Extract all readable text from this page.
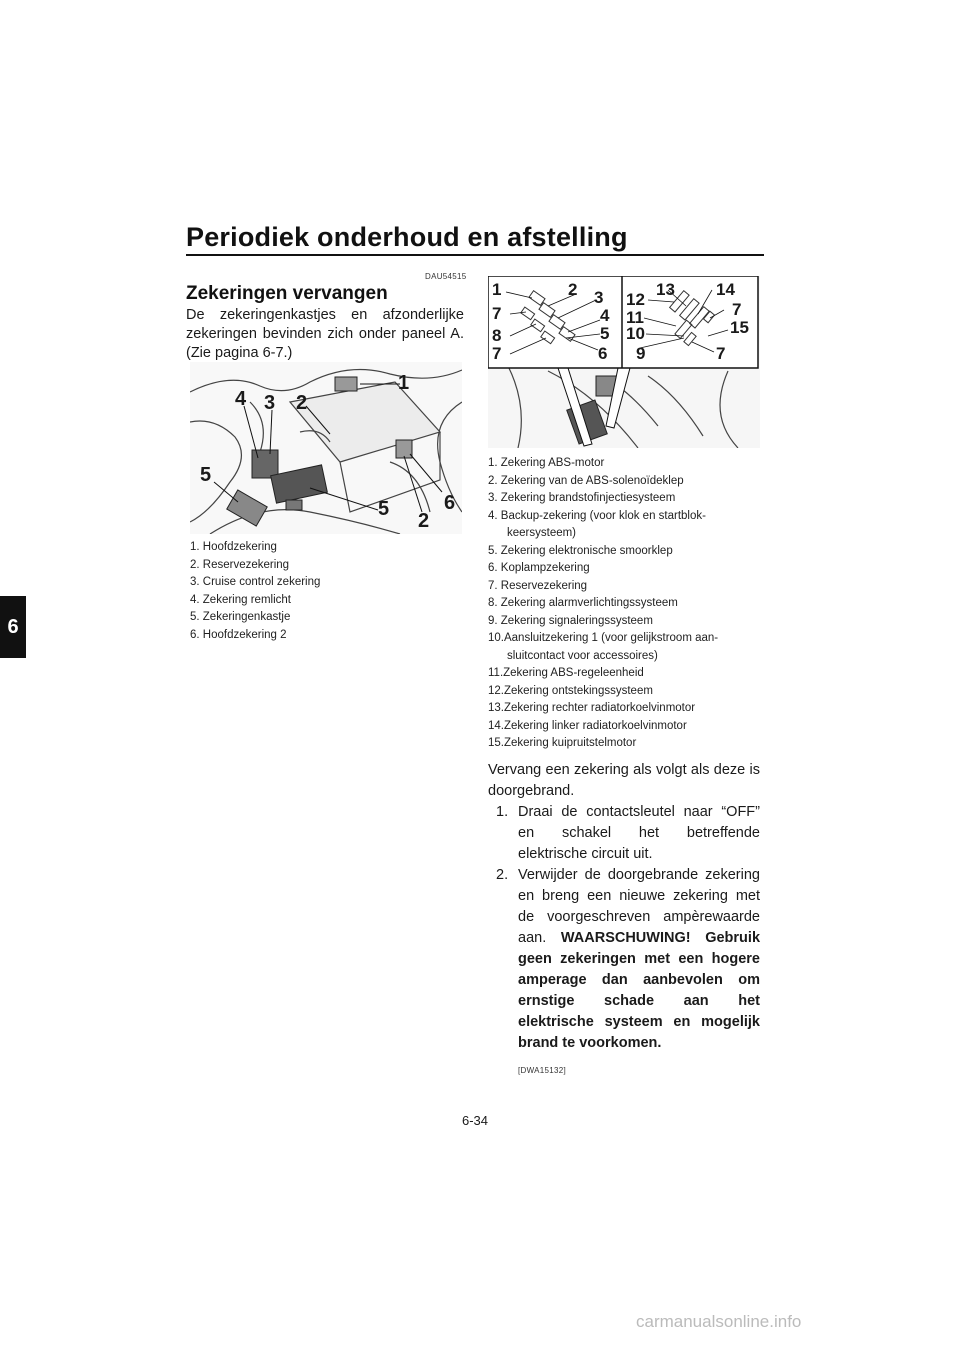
Periodiek onderhoud en afstelling
6
DAU54515
Zekeringen vervangen
De zekeringenkastjes en afzonderlijke zekeringen bevinden zich onder paneel A. (Zie pagina 6-7.)
1
2
3
4
5
5	6
2
1. Hoofdzekering
2. Reservezekering
3. Cruise control zekering
4. Zekering remlicht
5. Zekeringenkastje
6. Hoofdzekering 2
1	2 3
7	4
8	5
7	6
12
13 14
11	7
10	15
9	7
1. Zekering ABS-motor
2. Zekering van de ABS-solenoïdeklep
3. Zekering brandstofinjectiesysteem
4. Backup-zekering (voor klok en startblok-
keersysteem)
5. Zekering elektronische smoorklep
6. Koplampzekering
7. Reservezekering
8. Zekering alarmverlichtingssysteem
9. Zekering signaleringssysteem
10.Aansluitzekering 1 (voor gelijkstroom aan-
sluitcontact voor accessoires)
11.Zekering ABS-regeleenheid
12.Zekering ontstekingssysteem
13.Zekering rechter radiatorkoelvinmotor
14.Zekering linker radiatorkoelvinmotor
15.Zekering kuipruitstelmotor
Vervang een zekering als volgt als deze is doorgebrand.
1. Draai de contactsleutel naar “OFF” en schakel het betreffende elektrische circuit uit.
2. Verwijder de doorgebrande zekering en breng een nieuwe zekering met de voorgeschreven ampèrewaarde aan. WAARSCHUWING! Gebruik geen zekeringen met een hogere amperage dan aanbevolen om ernstige schade aan het elektrische systeem en mogelijk brand te voorkomen.
[DWA15132]
6-34
carmanualsonline.info
